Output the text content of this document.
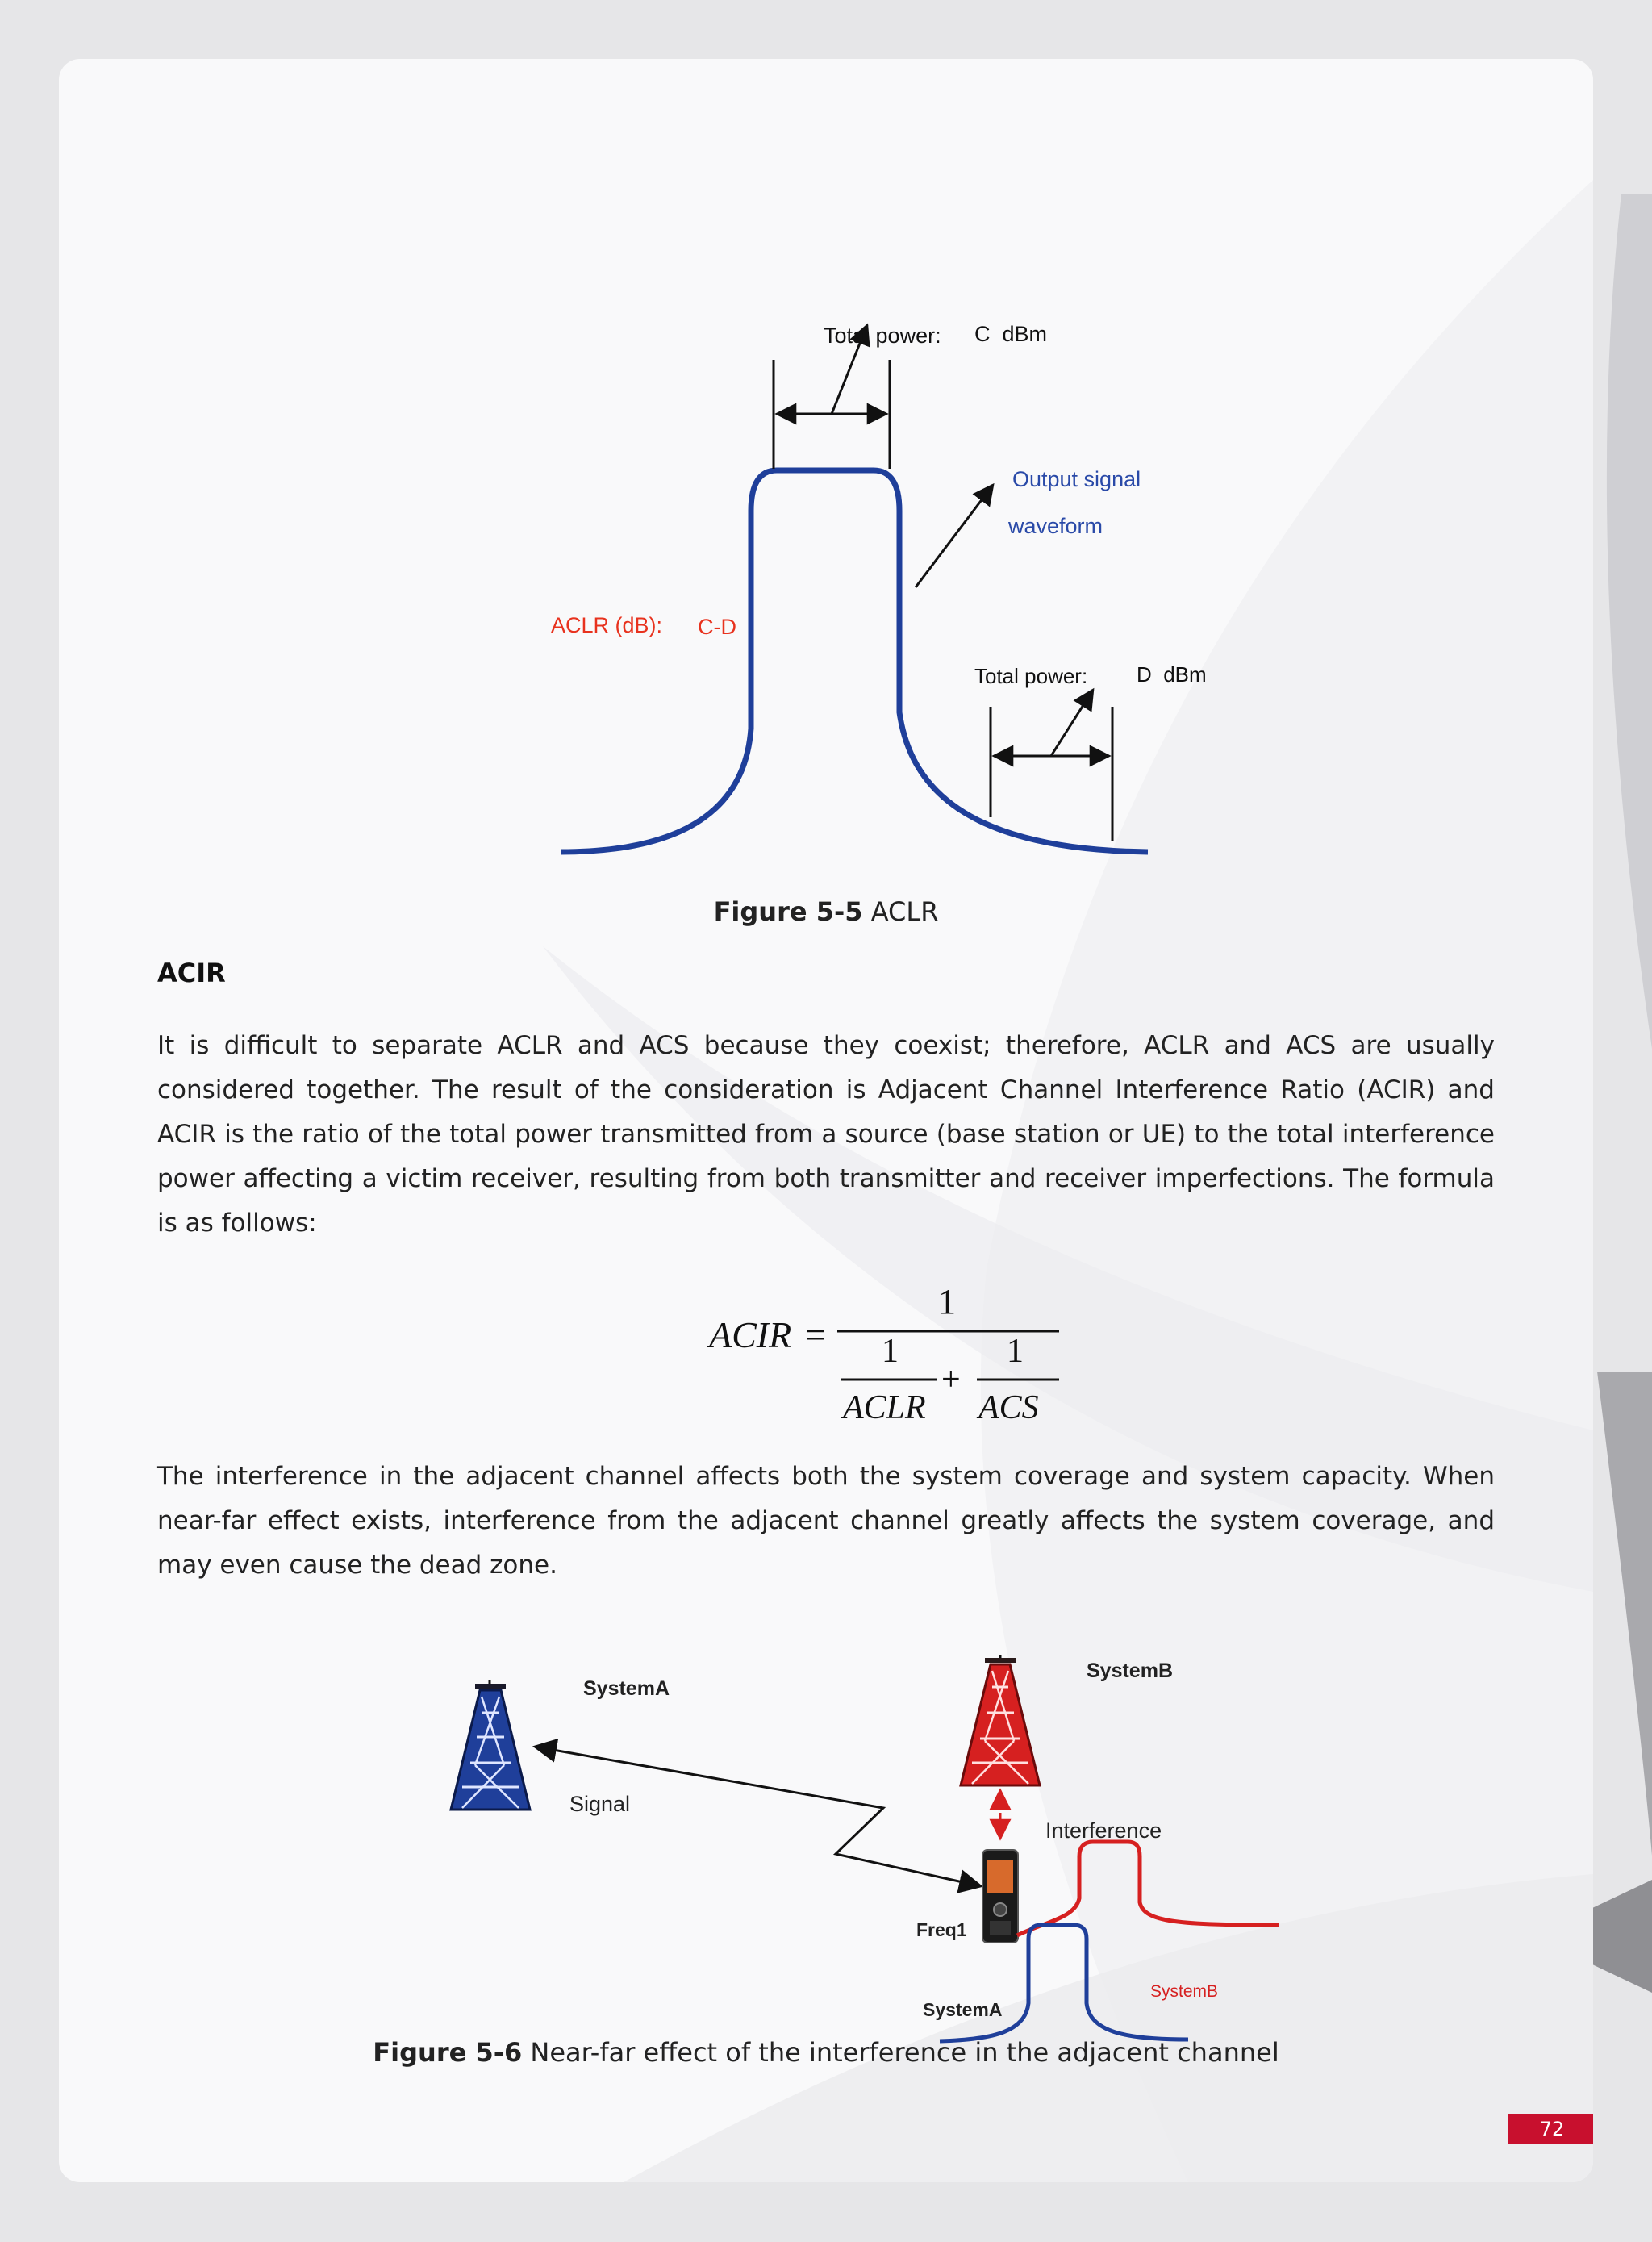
Total power: C  dBm
Output signal
waveform
ACLR (dB): C-D
Total power: D  dBm
Figure 5-5 ACLR
ACIR
It is difficult to separate ACLR and ACS because they coexist; therefore, ACLR and ACS are usually considered together. The result of the consideration is Adjacent Channel Interference Ratio (ACIR) and ACIR is the ratio of the total power transmitted from a source (base station or UE) to the total interference power affecting a victim receiver, resulting from both transmitter and receiver imperfections. The formula is as follows:
ACIR =
1
1
ACLR
+
1
ACS
The interference in the adjacent channel affects both the system coverage and system capacity. When near-far effect exists, interference from the adjacent channel greatly affects the system coverage, and may even cause the dead zone.
SystemA
Signal
SystemB
Interference
Freq1
SystemA
SystemB
Figure 5-6 Near-far effect of the interference in the adjacent channel
72
